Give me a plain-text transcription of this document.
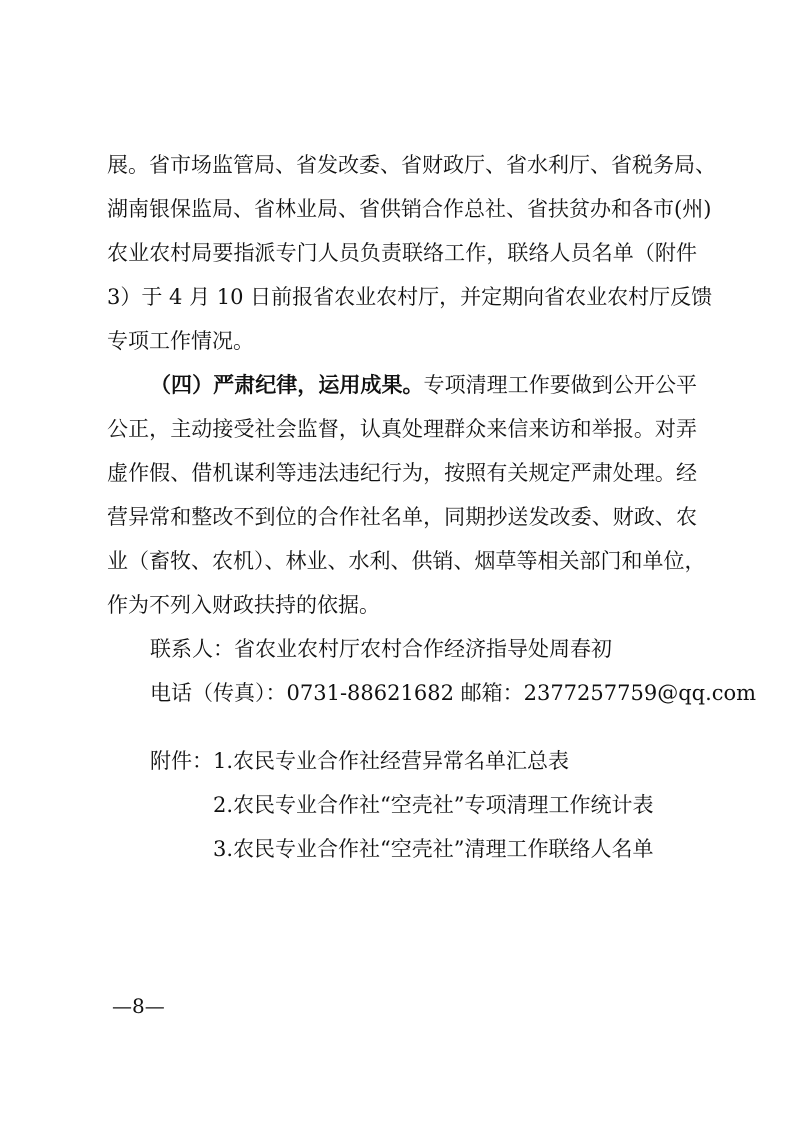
展。省市场监管局、省发改委、省财政厅、省水利厅、省税务局、
湖南银保监局、省林业局、省供销合作总社、省扶贫办和各市(州)
农业农村局要指派专门人员负责联络工作，联络人员名单（附件
3）于 4 月 10 日前报省农业农村厅，并定期向省农业农村厅反馈
专项工作情况。
（四）严肃纪律，运用成果。专项清理工作要做到公开公平
公正，主动接受社会监督，认真处理群众来信来访和举报。对弄
虚作假、借机谋利等违法违纪行为，按照有关规定严肃处理。经
营异常和整改不到位的合作社名单，同期抄送发改委、财政、农
业（畜牧、农机）、林业、水利、供销、烟草等相关部门和单位，
作为不列入财政扶持的依据。
联系人：省农业农村厅农村合作经济指导处周春初
电话（传真）：0731-88621682 邮箱：2377257759@qq.com
附件： 1.农民专业合作社经营异常名单汇总表
2.农民专业合作社“空壳社”专项清理工作统计表
3.农民专业合作社“空壳社”清理工作联络人名单
—8—
